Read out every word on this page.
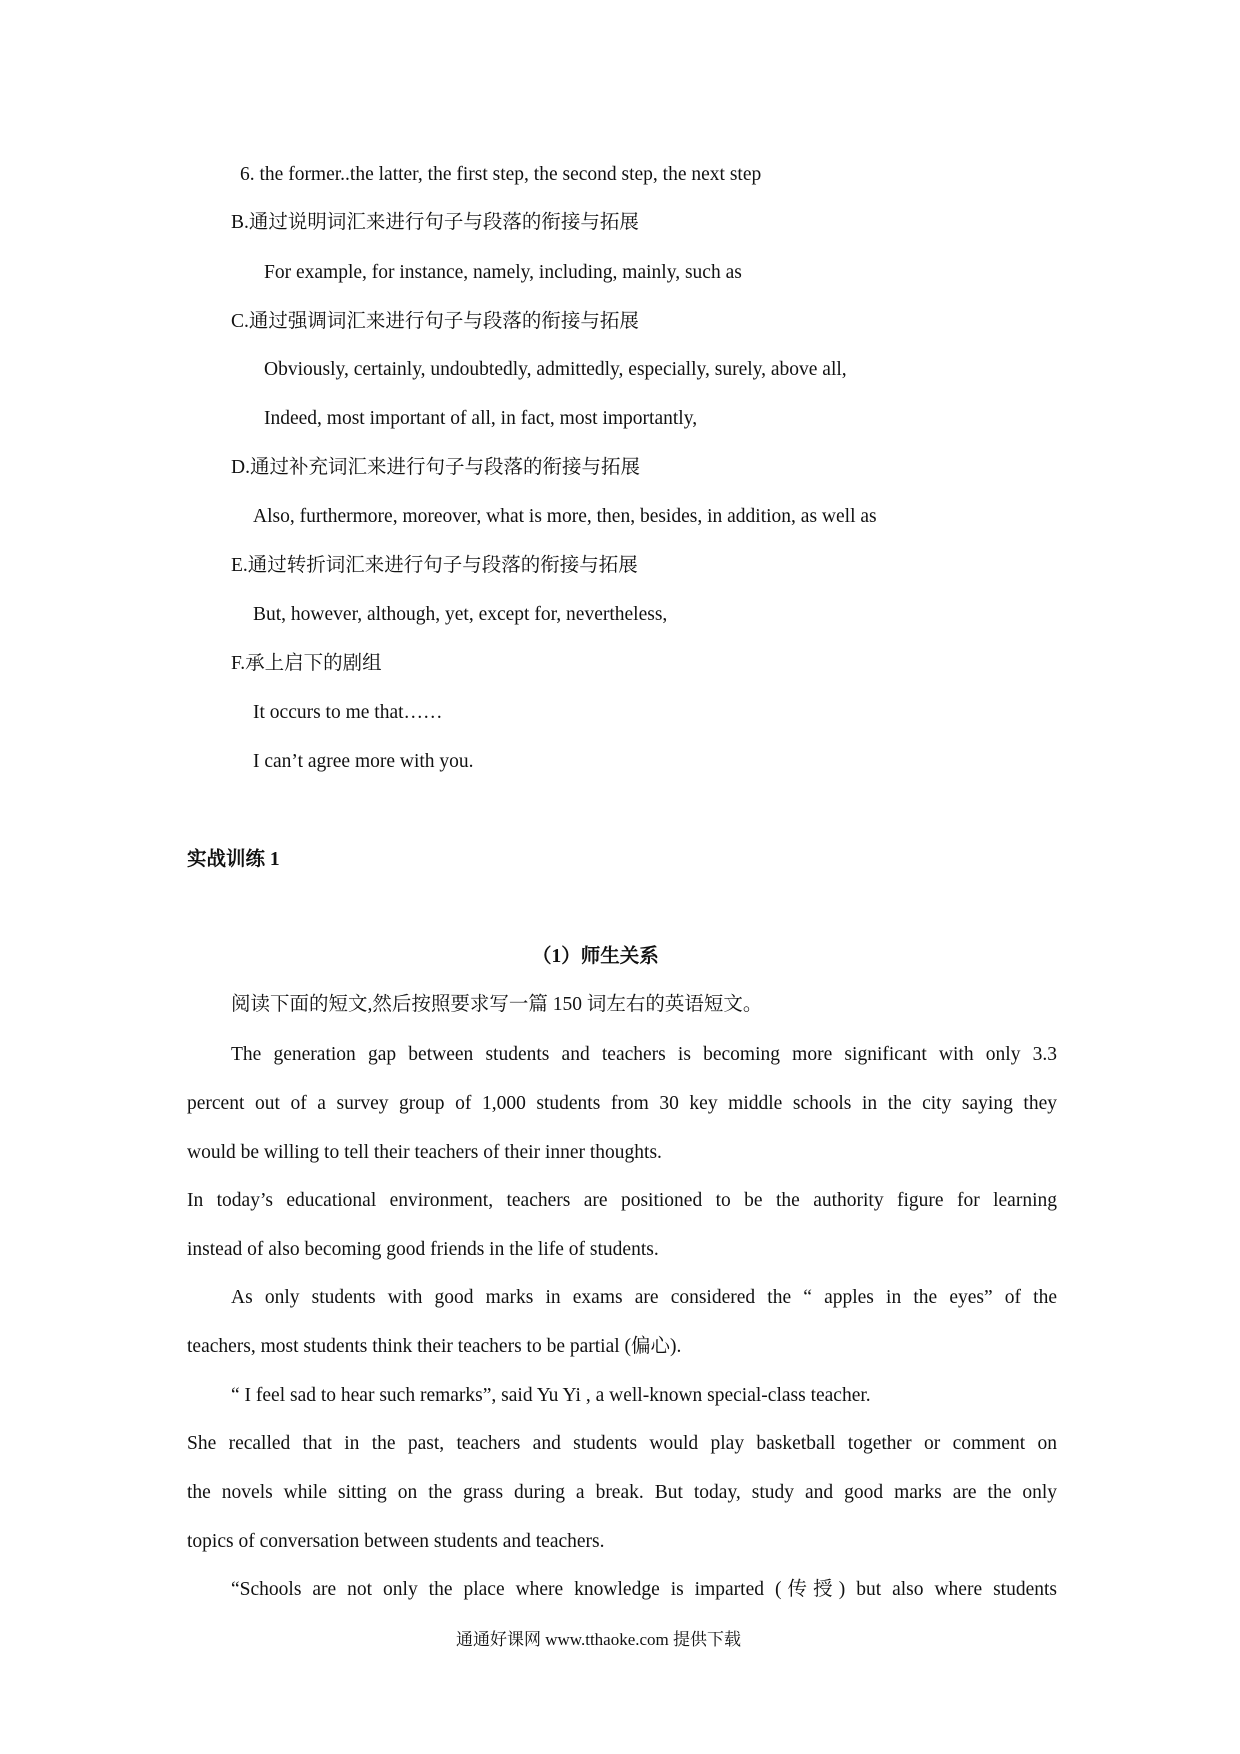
6. the former..the latter, the first step, the second step, the next step
B.通过说明词汇来进行句子与段落的衔接与拓展
For example, for instance, namely, including, mainly, such as
C.通过强调词汇来进行句子与段落的衔接与拓展
Obviously, certainly, undoubtedly, admittedly, especially, surely, above all,
Indeed, most important of all, in fact, most importantly,
D.通过补充词汇来进行句子与段落的衔接与拓展
Also, furthermore, moreover, what is more, then, besides, in addition, as well as
E.通过转折词汇来进行句子与段落的衔接与拓展
But, however, although, yet, except for, nevertheless,
F.承上启下的剧组
It occurs to me that……
I can’t agree more with you.
实战训练 1
（1）师生关系
阅读下面的短文,然后按照要求写一篇 150 词左右的英语短文。
The generation gap between students and teachers is becoming more significant with only 3.3
percent out of a survey group of 1,000 students from 30 key middle schools in the city saying they
would be willing to tell their teachers of their inner thoughts.
In today’s educational environment, teachers are positioned to be the authority figure for learning
instead of also becoming good friends in the life of students.
As only students with good marks in exams are considered the “ apples in the eyes” of the
teachers, most students think their teachers to be partial (偏心).
“ I feel sad to hear such remarks”, said Yu Yi , a well-known special-class teacher.
She recalled that in the past, teachers and students would play basketball together or comment on
the novels while sitting on the grass during a break. But today, study and good marks are the only
topics of conversation between students and teachers.
“Schools are not only the place where knowledge is imparted (传授) but also where students
通通好课网 www.tthaoke.com 提供下载
